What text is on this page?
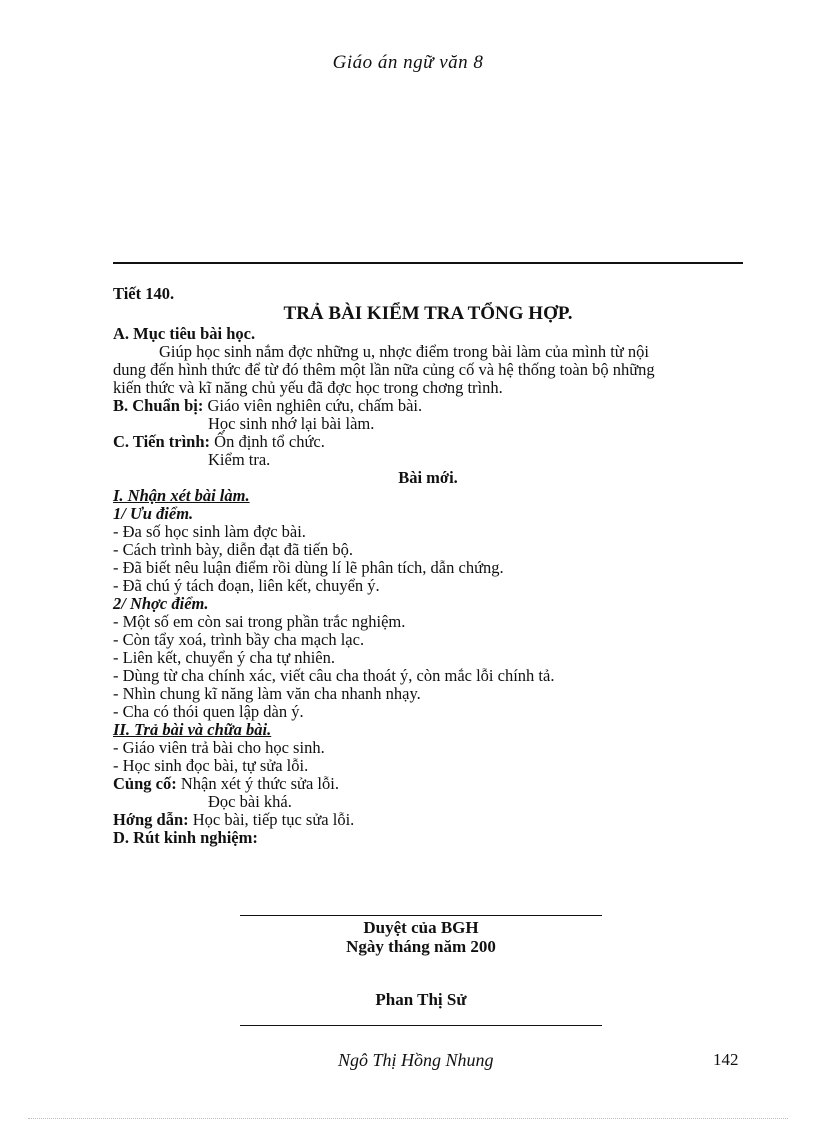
Giáo án ngữ văn 8
Tiết 140.
TRẢ BÀI KIỂM TRA TỔNG HỢP.
A. Mục tiêu bài học.
Giúp học sinh nắm đợc những u, nhợc điểm trong bài làm của mình từ nội
dung đến hình thức để từ đó thêm một lần nữa củng cố và hệ thống toàn bộ những
kiến thức và kĩ năng chủ yếu đã đợc học trong chơng trình.
B. Chuẩn bị: Giáo viên nghiên cứu, chấm bài.
Học sinh nhớ lại bài làm.
C. Tiến trình: Ổn định tổ chức.
Kiểm tra.
Bài mới.
I. Nhận xét bài làm.
1/ Ưu điểm.
- Đa số học sinh làm đợc bài.
- Cách trình bày, diễn đạt đã tiến bộ.
- Đã biết nêu luận điểm rồi dùng lí lẽ phân tích, dẫn chứng.
- Đã chú ý tách đoạn, liên kết, chuyển ý.
2/ Nhợc điểm.
- Một số em còn sai trong phần trắc nghiệm.
- Còn tẩy xoá, trình bầy cha mạch lạc.
- Liên kết, chuyển ý cha tự nhiên.
- Dùng từ cha chính xác, viết câu cha thoát ý, còn mắc lỗi chính tả.
- Nhìn chung kĩ năng làm văn cha nhanh nhạy.
- Cha có thói quen lập dàn ý.
II. Trả bài và chữa bài.
- Giáo viên trả bài cho học sinh.
- Học sinh đọc bài, tự sửa lỗi.
Củng cố: Nhận xét ý thức sửa lỗi.
Đọc bài khá.
Hớng dẫn: Học bài, tiếp tục sửa lỗi.
D. Rút kinh nghiệm:
Duyệt của BGH
Ngày tháng năm 200
Phan Thị Sử
Ngô Thị Hồng Nhung	142
